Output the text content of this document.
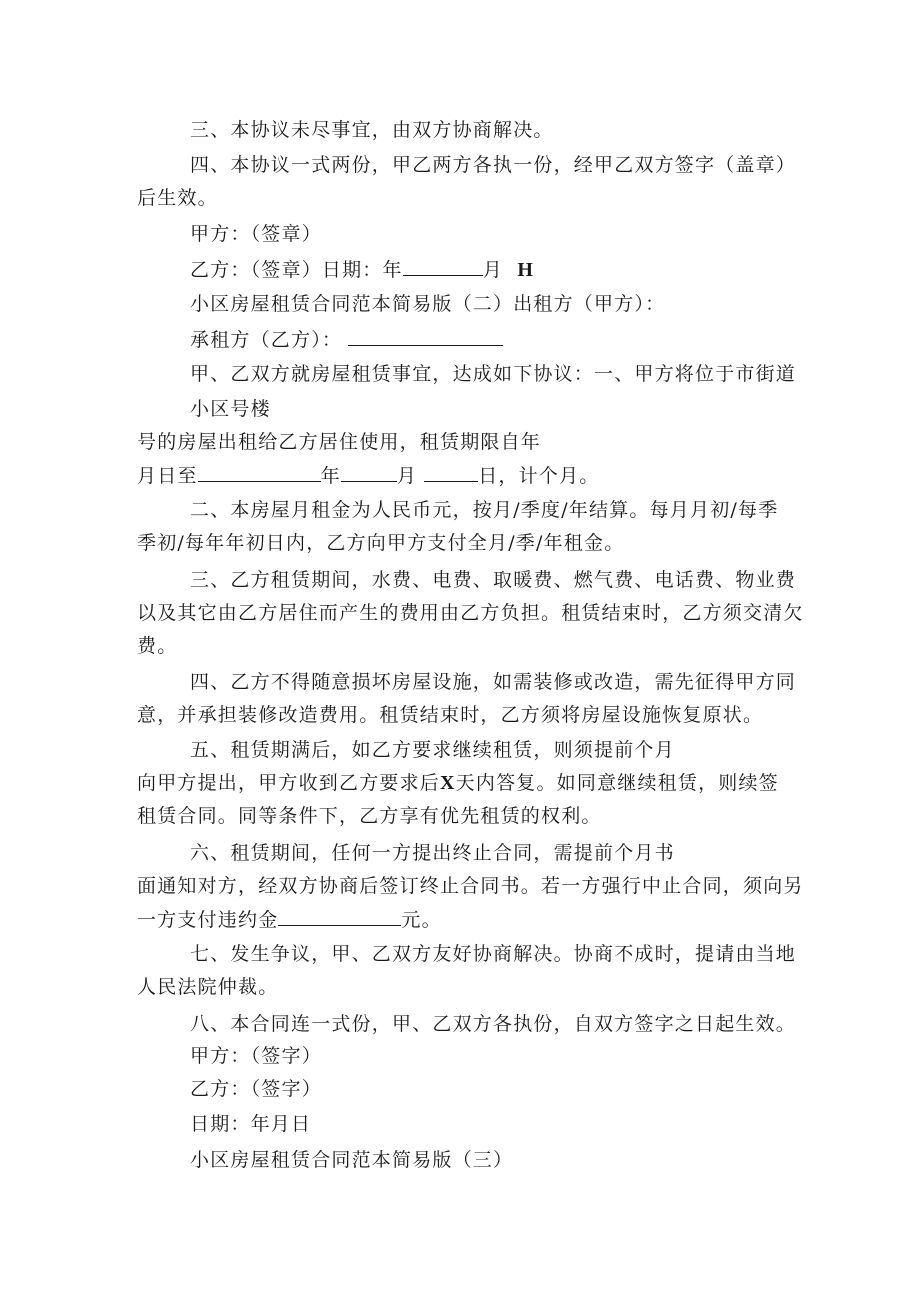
三、本协议未尽事宜，由双方协商解决。
四、本协议一式两份，甲乙两方各执一份，经甲乙双方签字（盖章）
后生效。
甲方：（签章）
乙方：（签章）日期：年	月 H
小区房屋租赁合同范本简易版（二）出租方（甲方）：
承租方（乙方）：
甲、乙双方就房屋租赁事宜，达成如下协议：一、甲方将位于市街道
小区号楼
号的房屋出租给乙方居住使用，租赁期限自年
月日至	年	月	日，计个月。
二、本房屋月租金为人民币元，按月/季度/年结算。每月月初/每季
季初/每年年初日内，乙方向甲方支付全月/季/年租金。
三、乙方租赁期间，水费、电费、取暖费、燃气费、电话费、物业费
以及其它由乙方居住而产生的费用由乙方负担。租赁结束时，乙方须交清欠
费。
四、乙方不得随意损坏房屋设施，如需装修或改造，需先征得甲方同
意，并承担装修改造费用。租赁结束时，乙方须将房屋设施恢复原状。
五、租赁期满后，如乙方要求继续租赁，则须提前个月
向甲方提出，甲方收到乙方要求后X天内答复。如同意继续租赁，则续签
租赁合同。同等条件下，乙方享有优先租赁的权利。
六、租赁期间，任何一方提出终止合同，需提前个月书
面通知对方，经双方协商后签订终止合同书。若一方强行中止合同，须向另
一方支付违约金	元。
七、发生争议，甲、乙双方友好协商解决。协商不成时，提请由当地
人民法院仲裁。
八、本合同连一式份，甲、乙双方各执份，自双方签字之日起生效。
甲方：（签字）
乙方：（签字）
日期：年月日
小区房屋租赁合同范本简易版（三）
